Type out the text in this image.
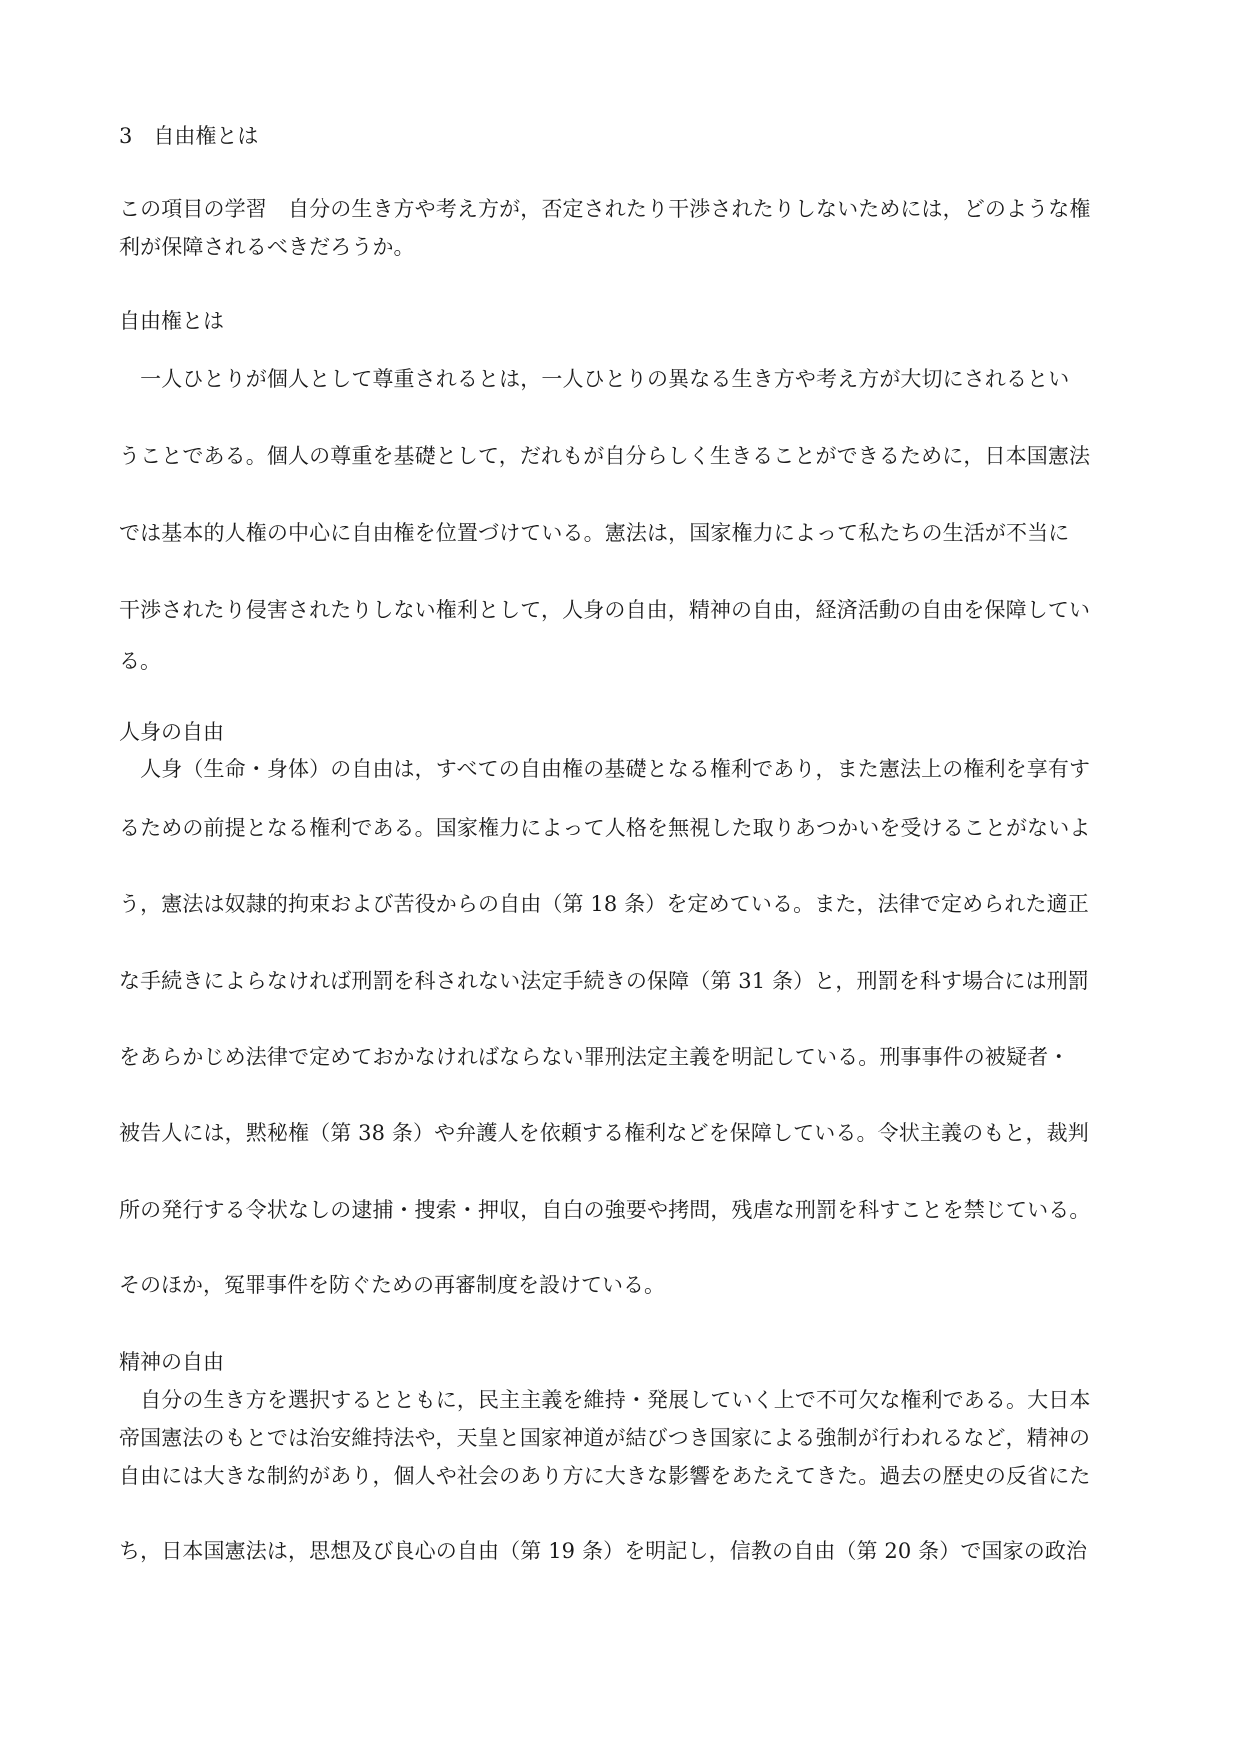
3　自由権とは
この項目の学習　自分の生き方や考え方が，否定されたり干渉されたりしないためには，どのような権
利が保障されるべきだろうか。
自由権とは
　一人ひとりが個人として尊重されるとは，一人ひとりの異なる生き方や考え方が大切にされるとい
うことである。個人の尊重を基礎として，だれもが自分らしく生きることができるために，日本国憲法
では基本的人権の中心に自由権を位置づけている。憲法は，国家権力によって私たちの生活が不当に
干渉されたり侵害されたりしない権利として，人身の自由，精神の自由，経済活動の自由を保障してい
る。
人身の自由
　人身（生命・身体）の自由は，すべての自由権の基礎となる権利であり，また憲法上の権利を享有す
るための前提となる権利である。国家権力によって人格を無視した取りあつかいを受けることがないよ
う，憲法は奴隷的拘束および苦役からの自由（第 18 条）を定めている。また，法律で定められた適正
な手続きによらなければ刑罰を科されない法定手続きの保障（第 31 条）と，刑罰を科す場合には刑罰
をあらかじめ法律で定めておかなければならない罪刑法定主義を明記している。刑事事件の被疑者・
被告人には，黙秘権（第 38 条）や弁護人を依頼する権利などを保障している。令状主義のもと，裁判
所の発行する令状なしの逮捕・捜索・押収，自白の強要や拷問，残虐な刑罰を科すことを禁じている。
そのほか，冤罪事件を防ぐための再審制度を設けている。
精神の自由
　自分の生き方を選択するとともに，民主主義を維持・発展していく上で不可欠な権利である。大日本
帝国憲法のもとでは治安維持法や，天皇と国家神道が結びつき国家による強制が行われるなど，精神の
自由には大きな制約があり，個人や社会のあり方に大きな影響をあたえてきた。過去の歴史の反省にた
ち，日本国憲法は，思想及び良心の自由（第 19 条）を明記し，信教の自由（第 20 条）で国家の政治
